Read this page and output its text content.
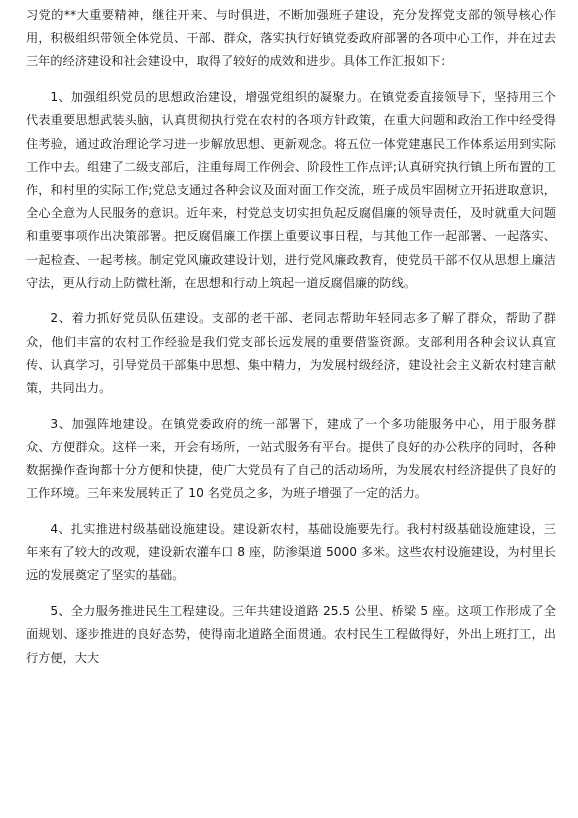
习党的**大重要精神，继往开来、与时俱进，不断加强班子建设，充分发挥党支部的领导核心作用，积极组织带领全体党员、干部、群众，落实执行好镇党委政府部署的各项中心工作，并在过去三年的经济建设和社会建设中，取得了较好的成效和进步。具体工作汇报如下：

1、加强组织党员的思想政治建设，增强党组织的凝聚力。在镇党委直接领导下，坚持用三个代表重要思想武装头脑，认真贯彻执行党在农村的各项方针政策，在重大问题和政治工作中经受得住考验，通过政治理论学习进一步解放思想、更新观念。将五位一体党建惠民工作体系运用到实际工作中去。组建了二级支部后，注重每周工作例会、阶段性工作点评;认真研究执行镇上所布置的工作，和村里的实际工作;党总支通过各种会议及面对面工作交流，班子成员牢固树立开拓进取意识，全心全意为人民服务的意识。近年来，村党总支切实担负起反腐倡廉的领导责任，及时就重大问题和重要事项作出决策部署。把反腐倡廉工作摆上重要议事日程，与其他工作一起部署、一起落实、一起检查、一起考核。制定党风廉政建设计划，进行党风廉政教育，使党员干部不仅从思想上廉洁守法，更从行动上防微杜渐，在思想和行动上筑起一道反腐倡廉的防线。

2、着力抓好党员队伍建设。支部的老干部、老同志帮助年轻同志多了解了群众，帮助了群众，他们丰富的农村工作经验是我们党支部长远发展的重要借鉴资源。支部利用各种会议认真宣传、认真学习，引导党员干部集中思想、集中精力，为发展村级经济，建设社会主义新农村建言献策，共同出力。

3、加强阵地建设。在镇党委政府的统一部署下，建成了一个多功能服务中心，用于服务群众、方便群众。这样一来，开会有场所，一站式服务有平台。提供了良好的办公秩序的同时，各种数据操作查询都十分方便和快捷，使广大党员有了自己的活动场所，为发展农村经济提供了良好的工作环境。三年来发展转正了 10 名党员之多，为班子增强了一定的活力。

4、扎实推进村级基础设施建设。建设新农村，基础设施要先行。我村村级基础设施建设，三年来有了较大的改观，建设新农灌车口 8 座，防渗渠道 5000 多米。这些农村设施建设，为村里长远的发展奠定了坚实的基础。

5、全力服务推进民生工程建设。三年共建设道路 25.5 公里、桥梁 5 座。这项工作形成了全面规划、逐步推进的良好态势，使得南北道路全面贯通。农村民生工程做得好，外出上班打工，出行方便，大大
